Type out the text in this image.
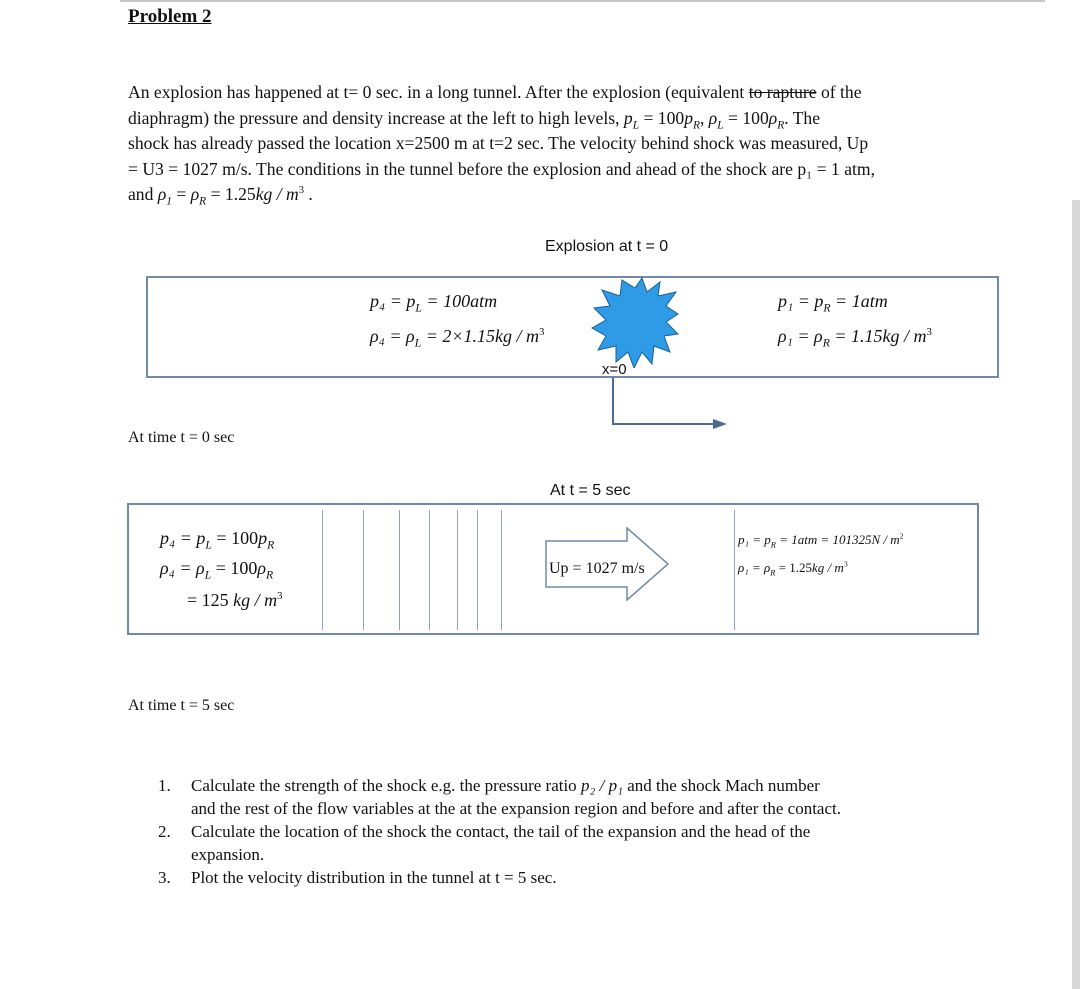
Problem 2
An explosion has happened at t= 0 sec. in a long tunnel. After the explosion (equivalent to rapture of the
diaphragm) the pressure and density increase at the left to high levels, $p_L = 100p_R$, $\rho_L = 100\rho_R$. The
shock has already passed the location x=2500 m at t=2 sec. The velocity behind shock was measured, Up
= U3 = 1027 m/s. The conditions in the tunnel before the explosion and ahead of the shock are p₁ = 1 atm,
and $\rho_1 = \rho_R = 1.25kg / m^3$ .
Explosion at t = 0
$p_4 = p_L = 100atm$
$\rho_4 = \rho_L = 2\times 1.15kg / m^3$
$p_1 = p_R = 1atm$
$\rho_1 = \rho_R = 1.15kg / m^3$
x=0
At time t = 0 sec
At t = 5 sec
$p_4 = p_L = 100p_R$
$\rho_4 = \rho_L = 100\rho_R$
= 125 kg / $m^3$
Up = 1027 m/s
$p_1 = p_R = 1atm = 101325N / m^2$
$\rho_1 = \rho_R = 1.25kg / m^3$
At time t = 5 sec
1. Calculate the strength of the shock e.g. the pressure ratio p₂ / p₁ and the shock Mach number
and the rest of the flow variables at the at the expansion region and before and after the contact.
2. Calculate the location of the shock the contact, the tail of the expansion and the head of the
expansion.
3. Plot the velocity distribution in the tunnel at t = 5 sec.
